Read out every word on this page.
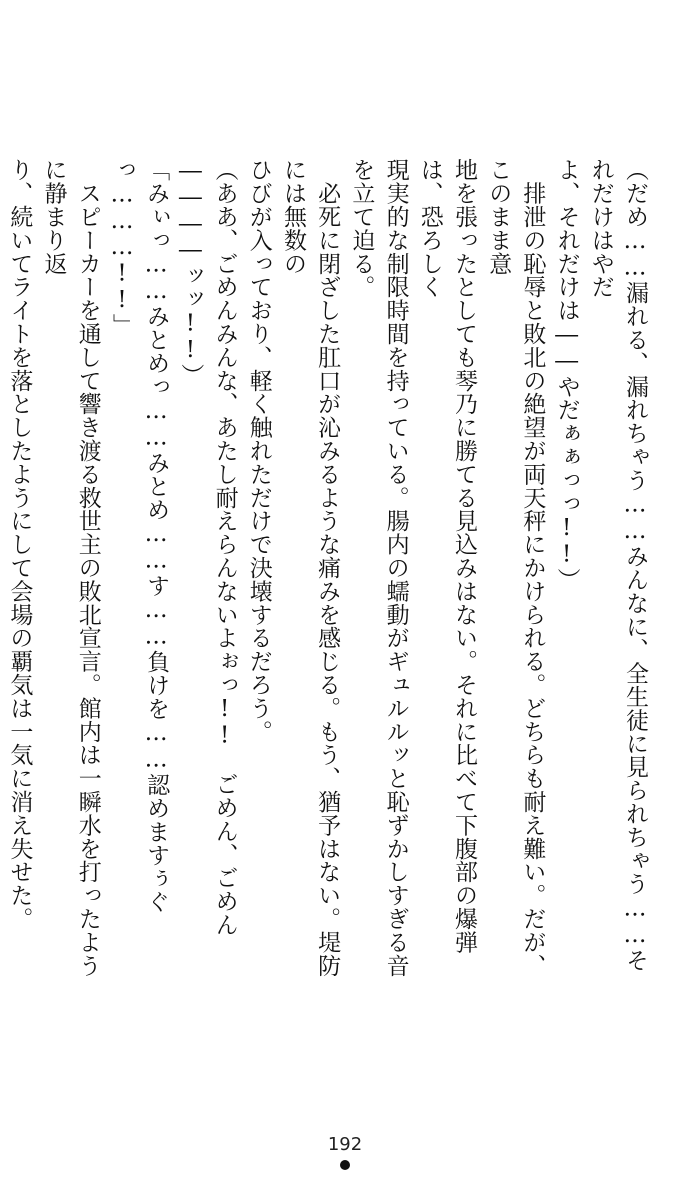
（だめ……漏れる、漏れちゃう……みんなに、全生徒に見られちゃう……それだけはやだ
よ、それだけは――やだぁぁっっ!!）
　排泄の恥辱と敗北の絶望が両天秤にかけられる。どちらも耐え難い。だが、このまま意
地を張ったとしても琴乃に勝てる見込みはない。それに比べて下腹部の爆弾は、恐ろしく
現実的な制限時間を持っている。腸内の蠕動がギュルルッと恥ずかしすぎる音を立て迫る。
　必死に閉ざした肛口が沁みるような痛みを感じる。もう、猶予はない。堤防には無数の
ひびが入っており、軽く触れただけで決壊するだろう。
（ああ、ごめんみんな、あたし耐えらんないよぉっ!!　ごめん、ごめん――――ッッ!!）
「みぃっ……みとめっ……みとめ……す……負けを……認めますぅぐっ………!!」
　スピーカーを通して響き渡る救世主の敗北宣言。館内は一瞬水を打ったように静まり返
り、続いてライトを落としたようにして会場の覇気は一気に消え失せた。
192
